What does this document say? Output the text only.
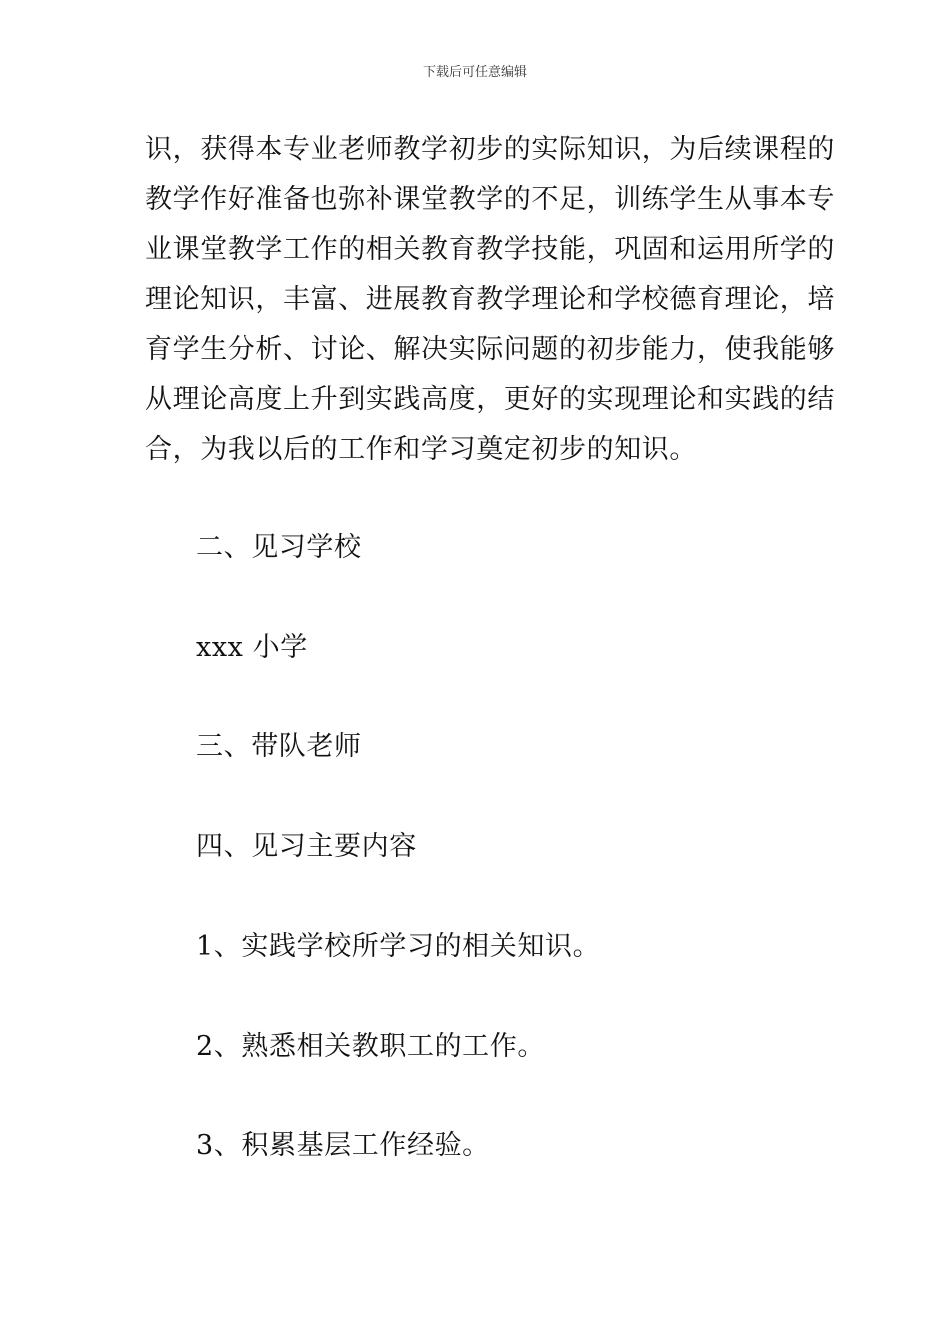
下载后可任意编辑
识，获得本专业老师教学初步的实际知识，为后续课程的
教学作好准备也弥补课堂教学的不足，训练学生从事本专
业课堂教学工作的相关教育教学技能，巩固和运用所学的
理论知识，丰富、进展教育教学理论和学校德育理论，培
育学生分析、讨论、解决实际问题的初步能力，使我能够
从理论高度上升到实践高度，更好的实现理论和实践的结
合，为我以后的工作和学习奠定初步的知识。
二、见习学校
xxx 小学
三、带队老师
四、见习主要内容
1、实践学校所学习的相关知识。
2、熟悉相关教职工的工作。
3、积累基层工作经验。
